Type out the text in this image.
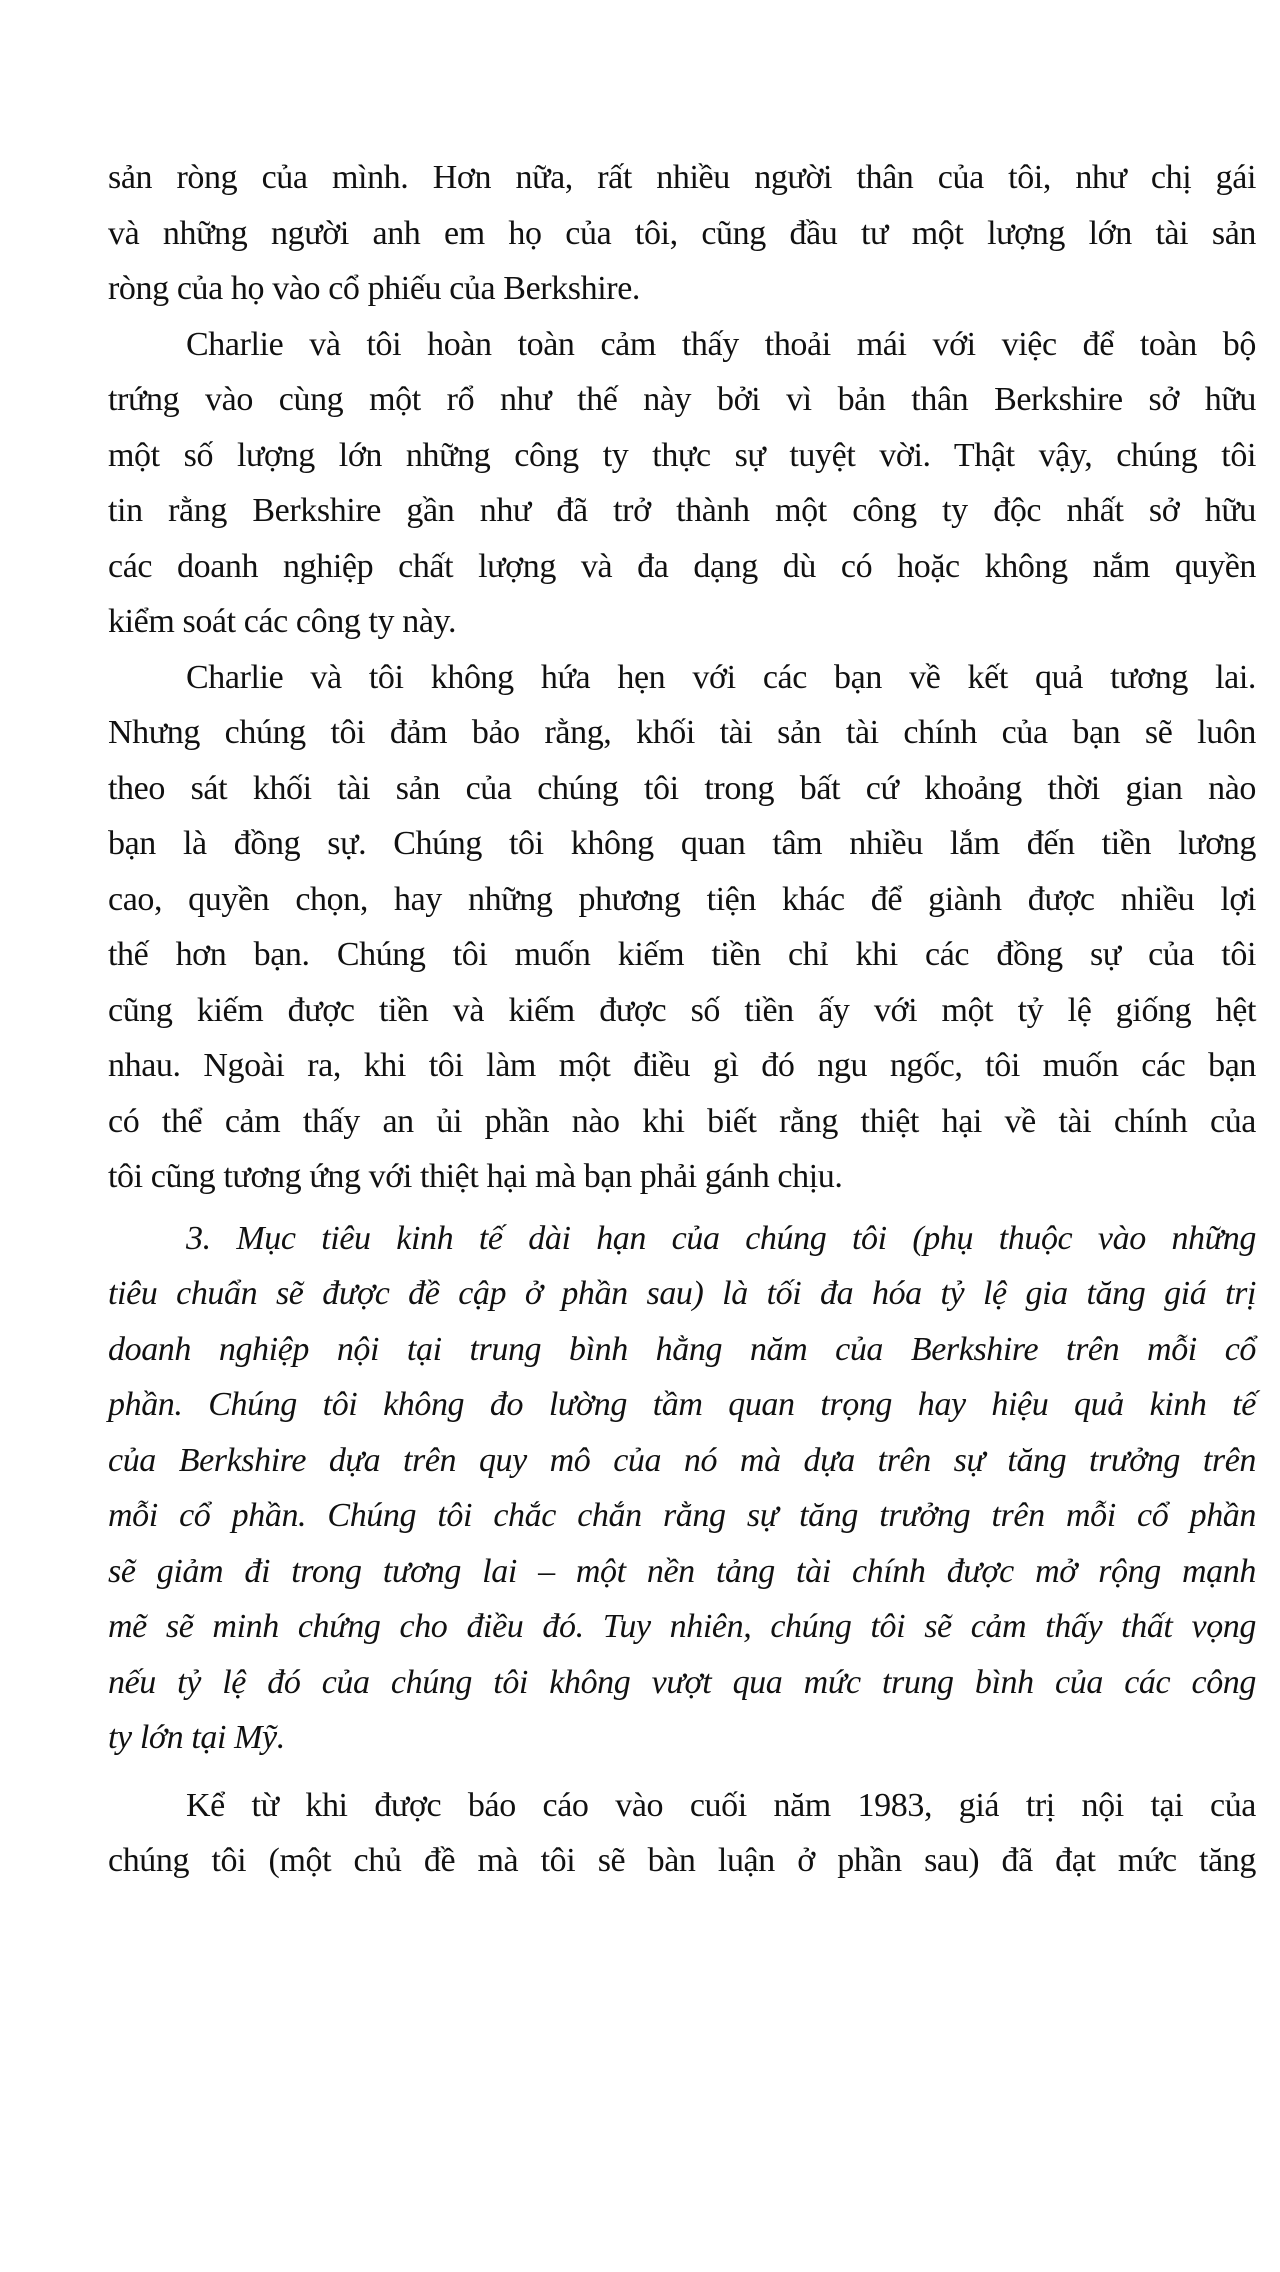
sản ròng của mình. Hơn nữa, rất nhiều người thân của tôi, như chị gái
và những người anh em họ của tôi, cũng đầu tư một lượng lớn tài sản
ròng của họ vào cổ phiếu của Berkshire.
Charlie và tôi hoàn toàn cảm thấy thoải mái với việc để toàn bộ
trứng vào cùng một rổ như thế này bởi vì bản thân Berkshire sở hữu
một số lượng lớn những công ty thực sự tuyệt vời. Thật vậy, chúng tôi
tin rằng Berkshire gần như đã trở thành một công ty độc nhất sở hữu
các doanh nghiệp chất lượng và đa dạng dù có hoặc không nắm quyền
kiểm soát các công ty này.
Charlie và tôi không hứa hẹn với các bạn về kết quả tương lai.
Nhưng chúng tôi đảm bảo rằng, khối tài sản tài chính của bạn sẽ luôn
theo sát khối tài sản của chúng tôi trong bất cứ khoảng thời gian nào
bạn là đồng sự. Chúng tôi không quan tâm nhiều lắm đến tiền lương
cao, quyền chọn, hay những phương tiện khác để giành được nhiều lợi
thế hơn bạn. Chúng tôi muốn kiếm tiền chỉ khi các đồng sự của tôi
cũng kiếm được tiền và kiếm được số tiền ấy với một tỷ lệ giống hệt
nhau. Ngoài ra, khi tôi làm một điều gì đó ngu ngốc, tôi muốn các bạn
có thể cảm thấy an ủi phần nào khi biết rằng thiệt hại về tài chính của
tôi cũng tương ứng với thiệt hại mà bạn phải gánh chịu.
3. Mục tiêu kinh tế dài hạn của chúng tôi (phụ thuộc vào những
tiêu chuẩn sẽ được đề cập ở phần sau) là tối đa hóa tỷ lệ gia tăng giá trị
doanh nghiệp nội tại trung bình hằng năm của Berkshire trên mỗi cổ
phần. Chúng tôi không đo lường tầm quan trọng hay hiệu quả kinh tế
của Berkshire dựa trên quy mô của nó mà dựa trên sự tăng trưởng trên
mỗi cổ phần. Chúng tôi chắc chắn rằng sự tăng trưởng trên mỗi cổ phần
sẽ giảm đi trong tương lai – một nền tảng tài chính được mở rộng mạnh
mẽ sẽ minh chứng cho điều đó. Tuy nhiên, chúng tôi sẽ cảm thấy thất vọng
nếu tỷ lệ đó của chúng tôi không vượt qua mức trung bình của các công
ty lớn tại Mỹ.
Kể từ khi được báo cáo vào cuối năm 1983, giá trị nội tại của
chúng tôi (một chủ đề mà tôi sẽ bàn luận ở phần sau) đã đạt mức tăng
